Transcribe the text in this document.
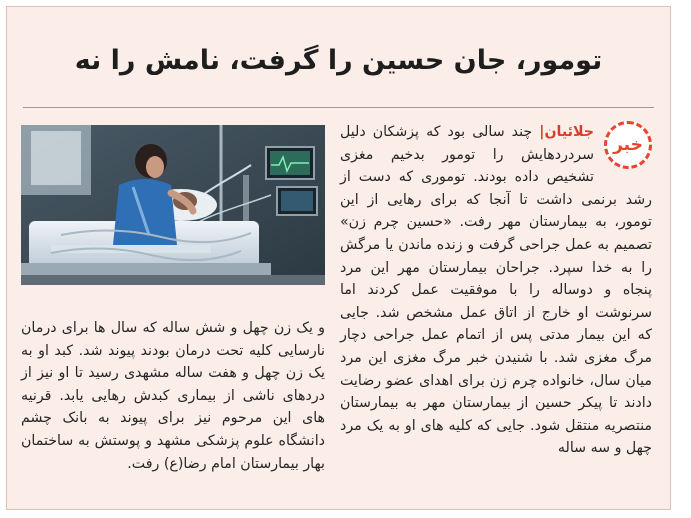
تومور، جان حسین را گرفت، نامش را نه
خبر

جلائیان| چند سالی بود که پزشکان دلیل سردردهایش را تومور بدخیم مغزی تشخیص داده بودند. توموری که دست از رشد برنمی داشت تا آنجا که برای رهایی از این تومور، به بیمارستان مهر رفت. «حسین چرم زن» تصمیم به عمل جراحی گرفت و زنده ماندن یا مرگش را به خدا سپرد. جراحان بیمارستان مهر این مرد پنجاه و دوساله را با موفقیت عمل کردند اما سرنوشت او خارج از اتاق عمل مشخص شد. جایی که این بیمار مدتی پس از اتمام عمل جراحی دچار مرگ مغزی شد. با شنیدن خبر مرگ مغزی این مرد میان سال، خانواده چرم زن برای اهدای عضو رضایت دادند تا پیکر حسین از بیمارستان مهر به بیمارستان منتصریه منتقل شود. جایی که کلیه های او به یک مرد چهل و سه ساله

و یک زن چهل و شش ساله که سال ها برای درمان نارسایی کلیه تحت درمان بودند پیوند شد. کبد او به یک زن چهل و هفت ساله مشهدی رسید تا او نیز از دردهای ناشی از بیماری کبدش رهایی یابد. قرنیه های این مرحوم نیز برای پیوند به بانک چشم دانشگاه علوم پزشکی مشهد و پوستش به ساختمان بهار بیمارستان امام رضا(ع) رفت.
